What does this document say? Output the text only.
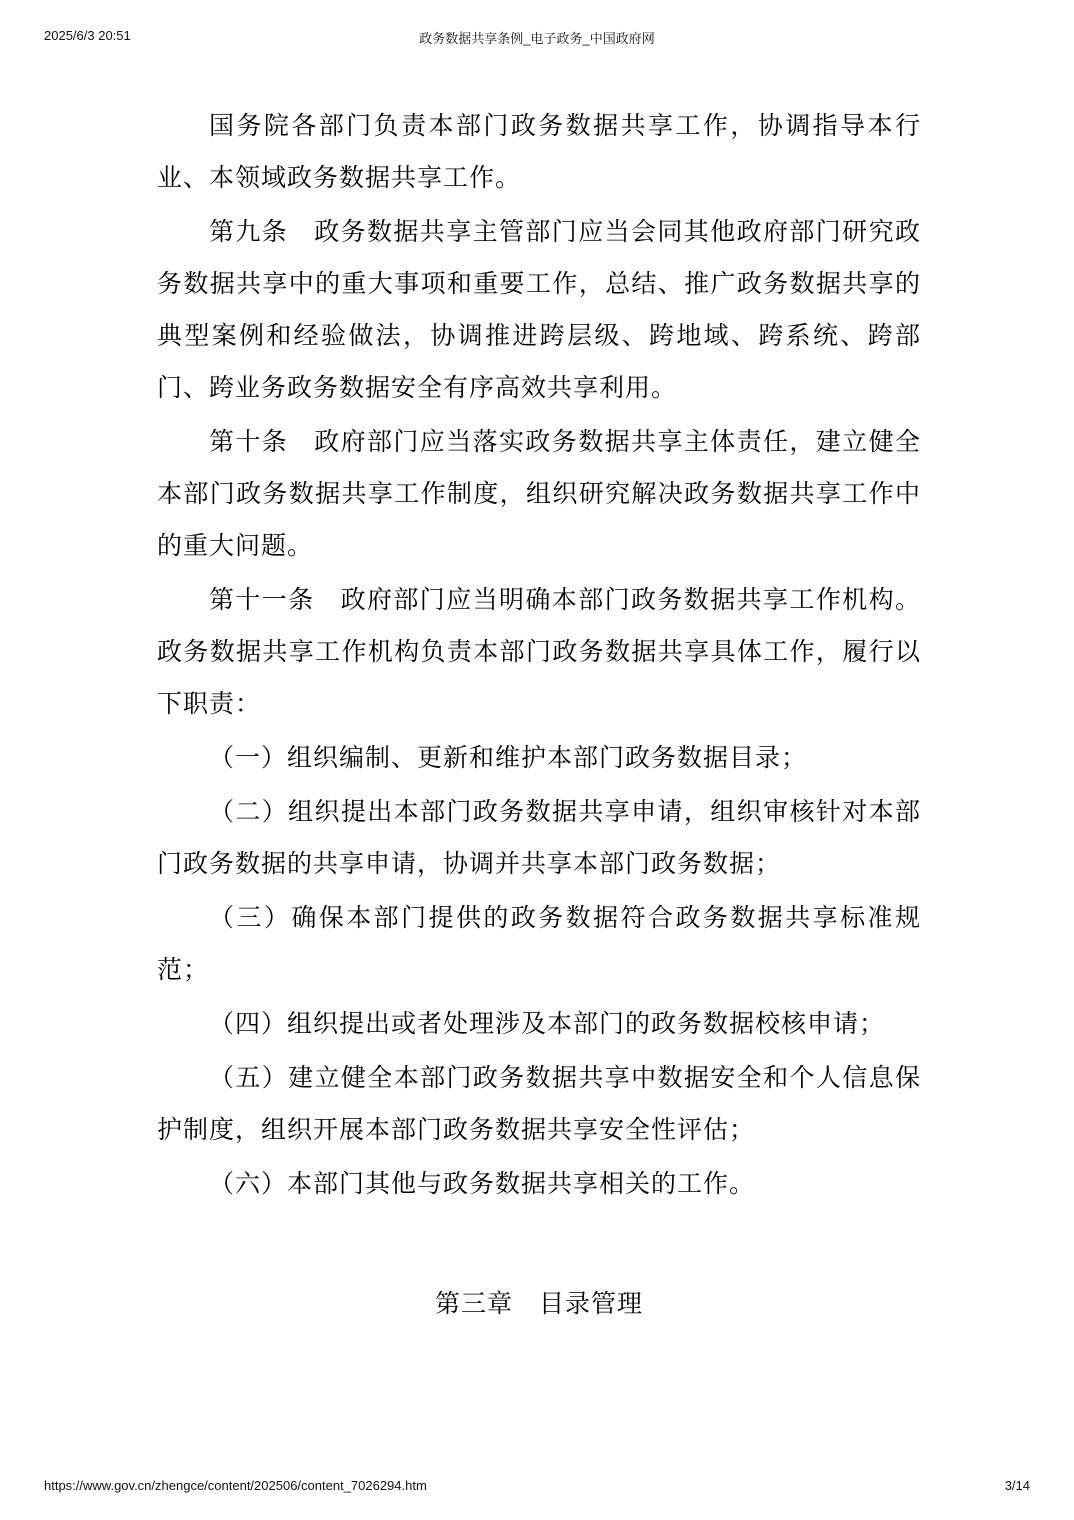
2025/6/3 20:51	政务数据共享条例_电子政务_中国政府网

国务院各部门负责本部门政务数据共享工作，协调指导本行业、本领域政务数据共享工作。

第九条 政务数据共享主管部门应当会同其他政府部门研究政务数据共享中的重大事项和重要工作，总结、推广政务数据共享的典型案例和经验做法，协调推进跨层级、跨地域、跨系统、跨部门、跨业务政务数据安全有序高效共享利用。

第十条 政府部门应当落实政务数据共享主体责任，建立健全本部门政务数据共享工作制度，组织研究解决政务数据共享工作中的重大问题。

第十一条 政府部门应当明确本部门政务数据共享工作机构。政务数据共享工作机构负责本部门政务数据共享具体工作，履行以下职责：

（一）组织编制、更新和维护本部门政务数据目录；

（二）组织提出本部门政务数据共享申请，组织审核针对本部门政务数据的共享申请，协调并共享本部门政务数据；

（三）确保本部门提供的政务数据符合政务数据共享标准规范；

（四）组织提出或者处理涉及本部门的政务数据校核申请；

（五）建立健全本部门政务数据共享中数据安全和个人信息保护制度，组织开展本部门政务数据共享安全性评估；

（六）本部门其他与政务数据共享相关的工作。

第三章　目录管理
https://www.gov.cn/zhengce/content/202506/content_7026294.htm	3/14
